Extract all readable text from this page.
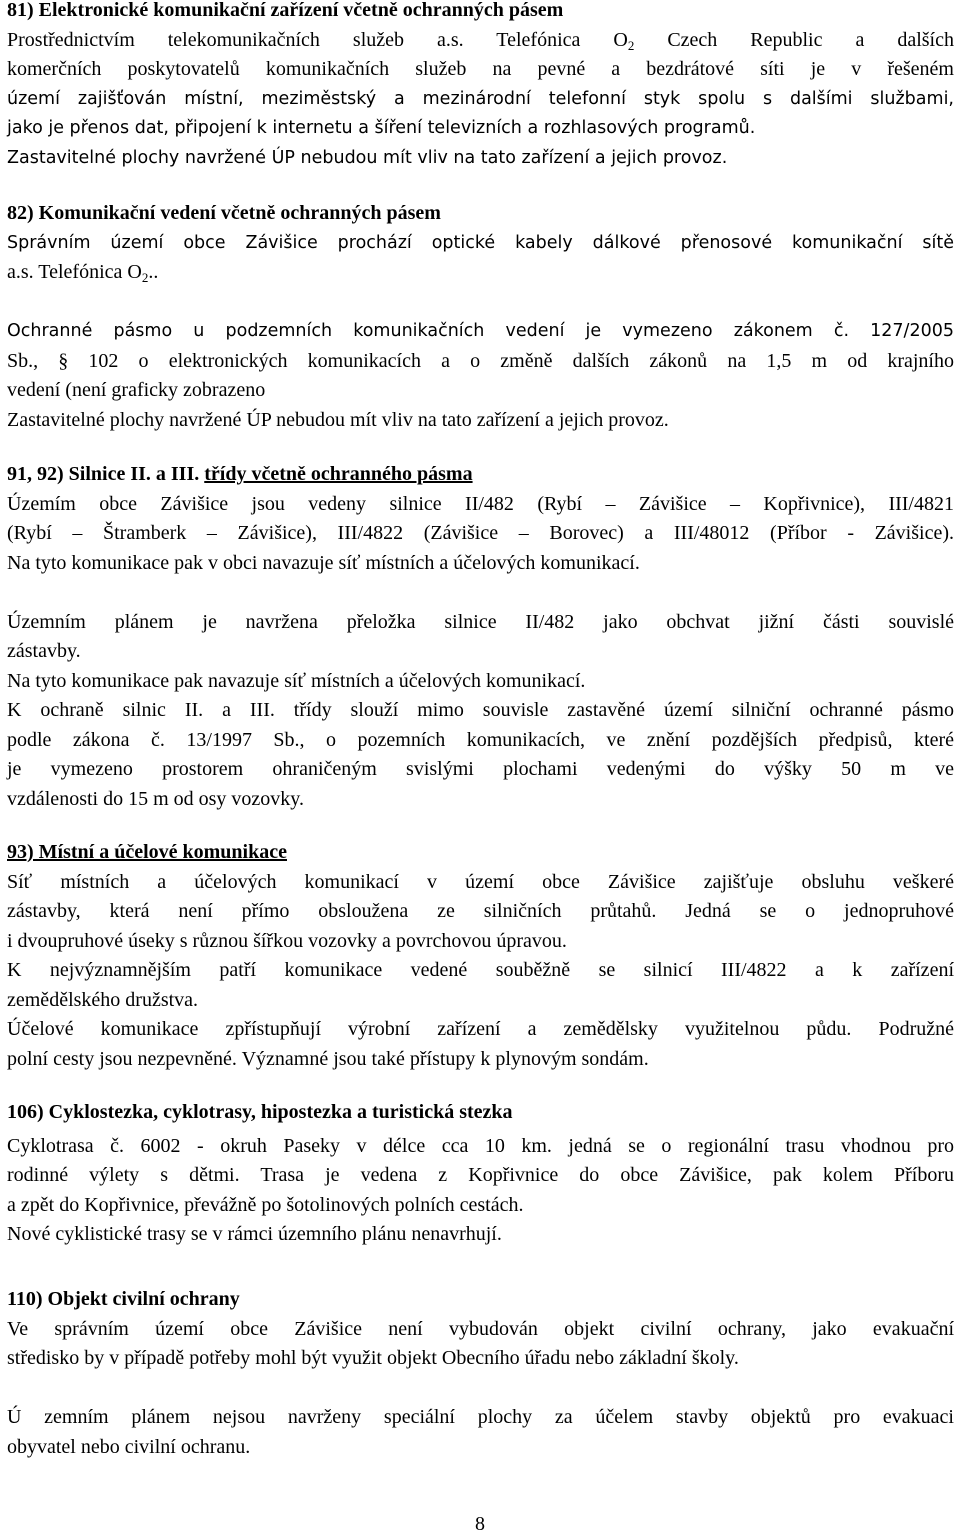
81) Elektronické komunikační zařízení včetně ochranných pásem
Prostřednictvím telekomunikačních služeb a.s. Telefónica $O_2$ Czech Republic a dalších
komerčních poskytovatelů komunikačních služeb na pevné a bezdrátové síti je v řešeném
území zajišťován místní, meziměstský a mezinárodní telefonní styk spolu s dalšími službami,
jako je přenos dat, připojení k internetu a šíření televizních a rozhlasových programů.
Zastavitelné plochy navržené ÚP nebudou mít vliv na tato zařízení a jejich provoz.
82) Komunikační vedení včetně ochranných pásem
Správním území obce Závišice prochází optické kabely dálkové přenosové komunikační sítě
a.s. Telefónica $O_2$..
Ochranné pásmo u podzemních komunikačních vedení je vymezeno zákonem č. 127/2005
Sb., § 102 o elektronických komunikacích a o změně dalších zákonů na 1,5 m od krajního
vedení (není graficky zobrazeno
Zastavitelné plochy navržené ÚP nebudou mít vliv na tato zařízení a jejich provoz.
91, 92) Silnice II. a III. třídy včetně ochranného pásma
Územím obce Závišice jsou vedeny silnice II/482 (Rybí – Závišice – Kopřivnice), III/4821
(Rybí – Štramberk – Závišice), III/4822 (Závišice – Borovec) a III/48012 (Příbor - Závišice).
Na tyto komunikace pak v obci navazuje síť místních a účelových komunikací.
Územním plánem je navržena přeložka silnice II/482 jako obchvat jižní části souvislé
zástavby.
Na tyto komunikace pak navazuje síť místních a účelových komunikací.
K ochraně silnic II. a III. třídy slouží mimo souvisle zastavěné území silniční ochranné pásmo
podle zákona č. 13/1997 Sb., o pozemních komunikacích, ve znění pozdějších předpisů, které
je vymezeno prostorem ohraničeným svislými plochami vedenými do výšky 50 m ve
vzdálenosti do 15 m od osy vozovky.
93) Místní a účelové komunikace
Síť místních a účelových komunikací v území obce Závišice zajišťuje obsluhu veškeré
zástavby, která není přímo obsloužena ze silničních průtahů. Jedná se o jednopruhové
i dvoupruhové úseky s různou šířkou vozovky a povrchovou úpravou.
K nejvýznamnějším patří komunikace vedené souběžně se silnicí III/4822 a k zařízení
zemědělského družstva.
Účelové komunikace zpřístupňují výrobní zařízení a zemědělsky využitelnou půdu. Podružné
polní cesty jsou nezpevněné. Významné jsou také přístupy k plynovým sondám.
106) Cyklostezka, cyklotrasy, hipostezka a turistická stezka
Cyklotrasa č. 6002 - okruh Paseky v délce cca 10 km. jedná se o regionální trasu vhodnou pro
rodinné výlety s dětmi. Trasa je vedena z Kopřivnice do obce Závišice, pak kolem Příboru
a zpět do Kopřivnice, převážně po šotolinových polních cestách.
Nové cyklistické trasy se v rámci územního plánu nenavrhují.
110) Objekt civilní ochrany
Ve správním území obce Závišice není vybudován objekt civilní ochrany, jako evakuační
středisko by v případě potřeby mohl být využit objekt Obecního úřadu nebo základní školy.
Ú zemním plánem nejsou navrženy speciální plochy za účelem stavby objektů pro evakuaci
obyvatel nebo civilní ochranu.
8
